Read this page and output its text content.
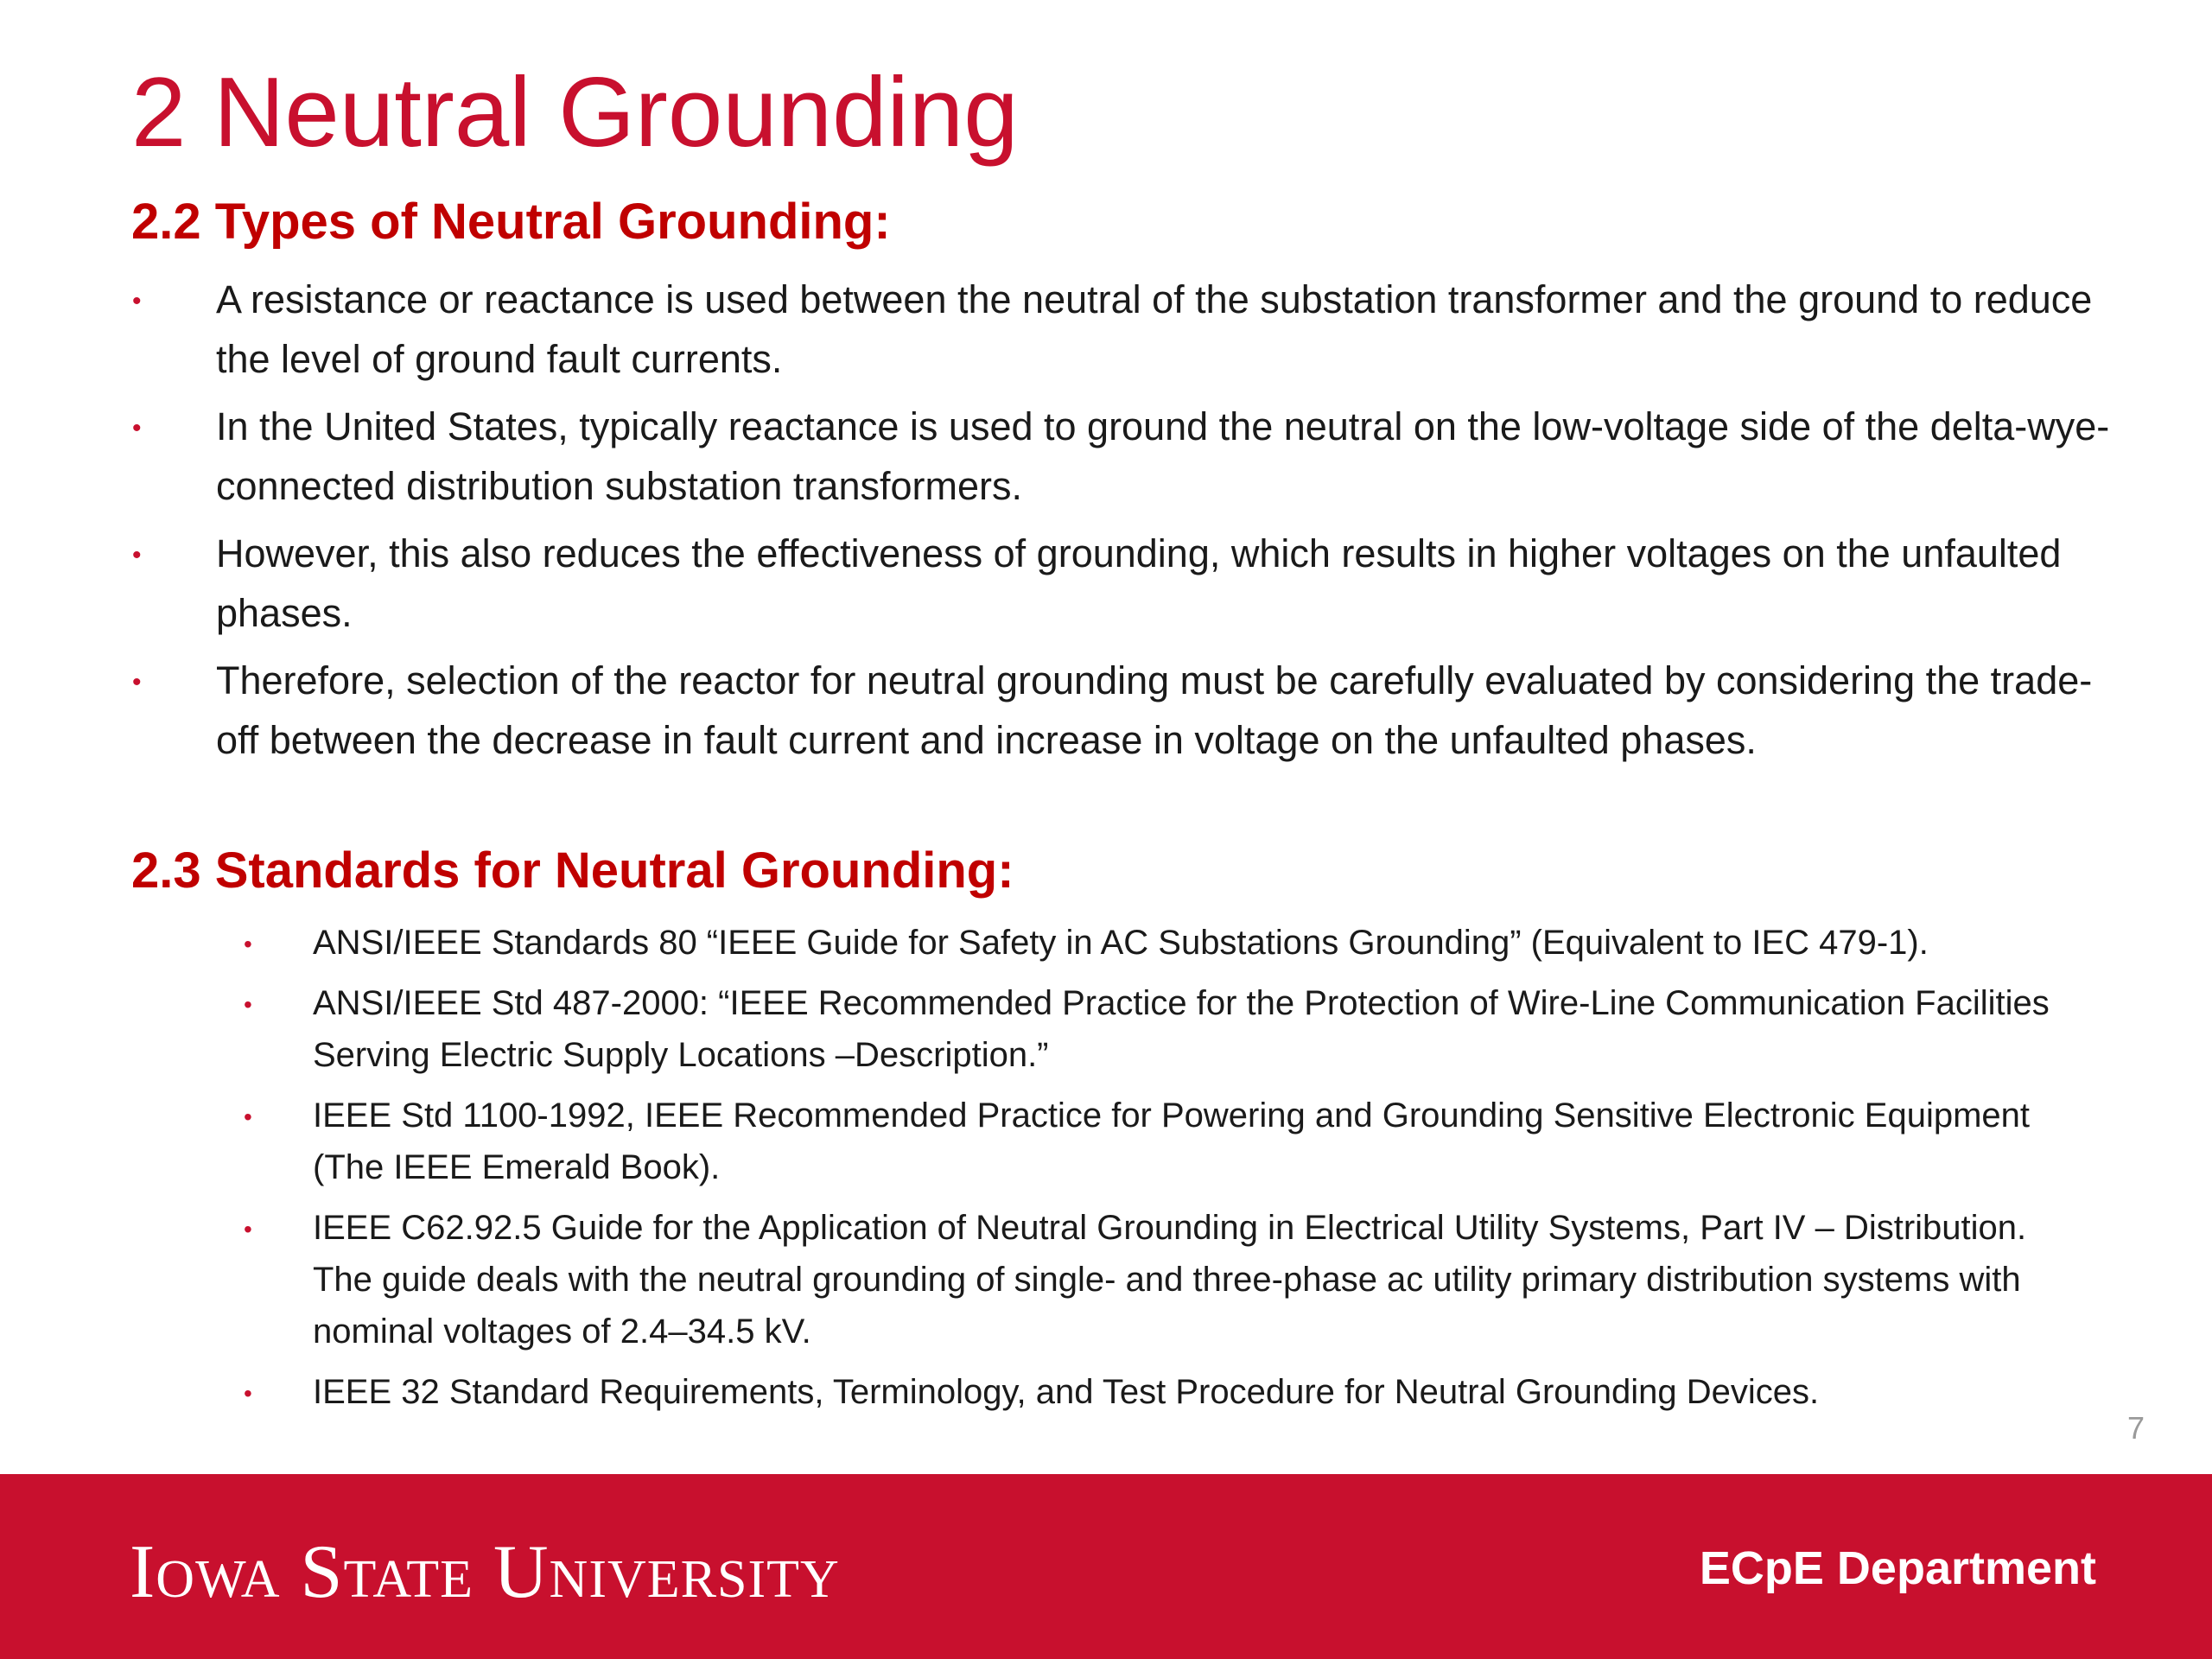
2 Neutral Grounding
2.2 Types of Neutral Grounding:
• A resistance or reactance is used between the neutral of the substation transformer and the ground to reduce the level of ground fault currents.
• In the United States, typically reactance is used to ground the neutral on the low-voltage side of the delta-wye-connected distribution substation transformers.
• However, this also reduces the effectiveness of grounding, which results in higher voltages on the unfaulted phases.
• Therefore, selection of the reactor for neutral grounding must be carefully evaluated by considering the trade-off between the decrease in fault current and increase in voltage on the unfaulted phases.
2.3 Standards for Neutral Grounding:
• ANSI/IEEE Standards 80 “IEEE Guide for Safety in AC Substations Grounding” (Equivalent to IEC 479-1).
• ANSI/IEEE Std 487-2000: “IEEE Recommended Practice for the Protection of Wire-Line Communication Facilities Serving Electric Supply Locations –Description.”
• IEEE Std 1100-1992, IEEE Recommended Practice for Powering and Grounding Sensitive Electronic Equipment (The IEEE Emerald Book).
• IEEE C62.92.5 Guide for the Application of Neutral Grounding in Electrical Utility Systems, Part IV – Distribution. The guide deals with the neutral grounding of single- and three-phase ac utility primary distribution systems with nominal voltages of 2.4–34.5 kV.
• IEEE 32 Standard Requirements, Terminology, and Test Procedure for Neutral Grounding Devices.
7
Iowa State University	ECpE Department
